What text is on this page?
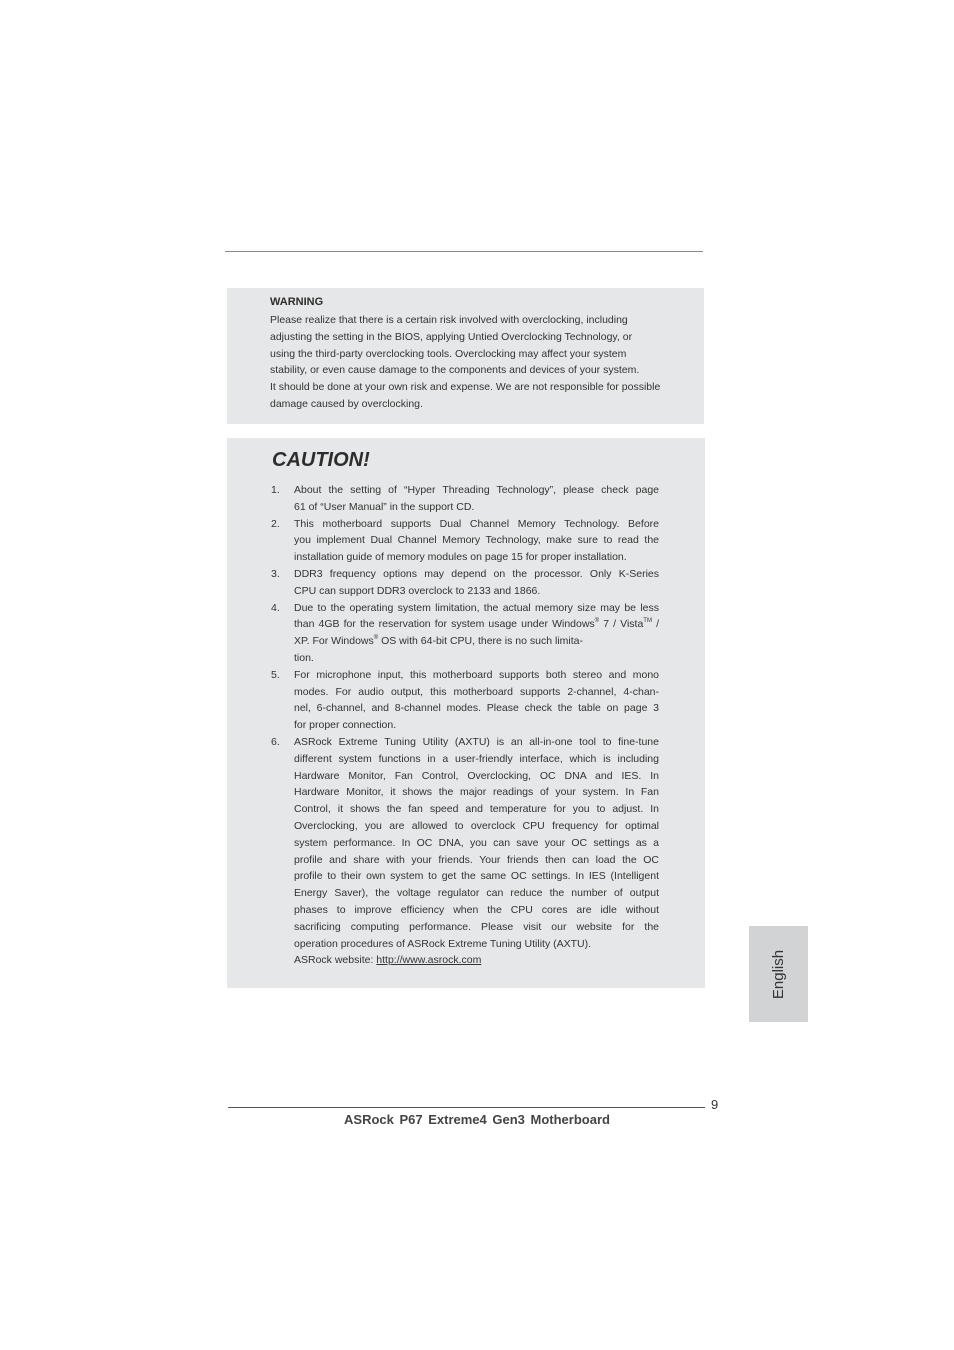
WARNING
Please realize that there is a certain risk involved with overclocking, including
adjusting the setting in the BIOS, applying Untied Overclocking Technology, or
using the third-party overclocking tools. Overclocking may affect your system
stability, or even cause damage to the components and devices of your system.
It should be done at your own risk and expense. We are not responsible for possible
damage caused by overclocking.
CAUTION!
1.	About the setting of “Hyper Threading Technology”, please check page
61 of “User Manual” in the support CD.
2.	This motherboard supports Dual Channel Memory Technology. Before
you implement Dual Channel Memory Technology, make sure to read the
installation guide of memory modules on page 15 for proper installation.
3.	DDR3 frequency options may depend on the processor. Only K-Series
CPU can support DDR3 overclock to 2133 and 1866.
4.	Due to the operating system limitation, the actual memory size may be less than 4GB for the reservation for system usage under Windows® 7 / Vista™ / XP. For Windows® OS with 64-bit CPU, there is no such limita-
tion.
5.	For microphone input, this motherboard supports both stereo and mono
modes. For audio output, this motherboard supports 2-channel, 4-chan-
nel, 6-channel, and 8-channel modes. Please check the table on page 3
for proper connection.
6.	ASRock Extreme Tuning Utility (AXTU) is an all-in-one tool to fine-tune
different system functions in a user-friendly interface, which is including
Hardware Monitor, Fan Control, Overclocking, OC DNA and IES. In
Hardware Monitor, it shows the major readings of your system. In Fan
Control, it shows the fan speed and temperature for you to adjust. In
Overclocking, you are allowed to overclock CPU frequency for optimal
system performance. In OC DNA, you can save your OC settings as a
profile and share with your friends. Your friends then can load the OC
profile to their own system to get the same OC settings. In IES (Intelligent
Energy Saver), the voltage regulator can reduce the number of output
phases to improve efficiency when the CPU cores are idle without
sacrificing computing performance. Please visit our website for the
operation procedures of ASRock Extreme Tuning Utility (AXTU).
ASRock website: http://www.asrock.com	English
9
ASRock P67 Extreme4 Gen3 Motherboard
